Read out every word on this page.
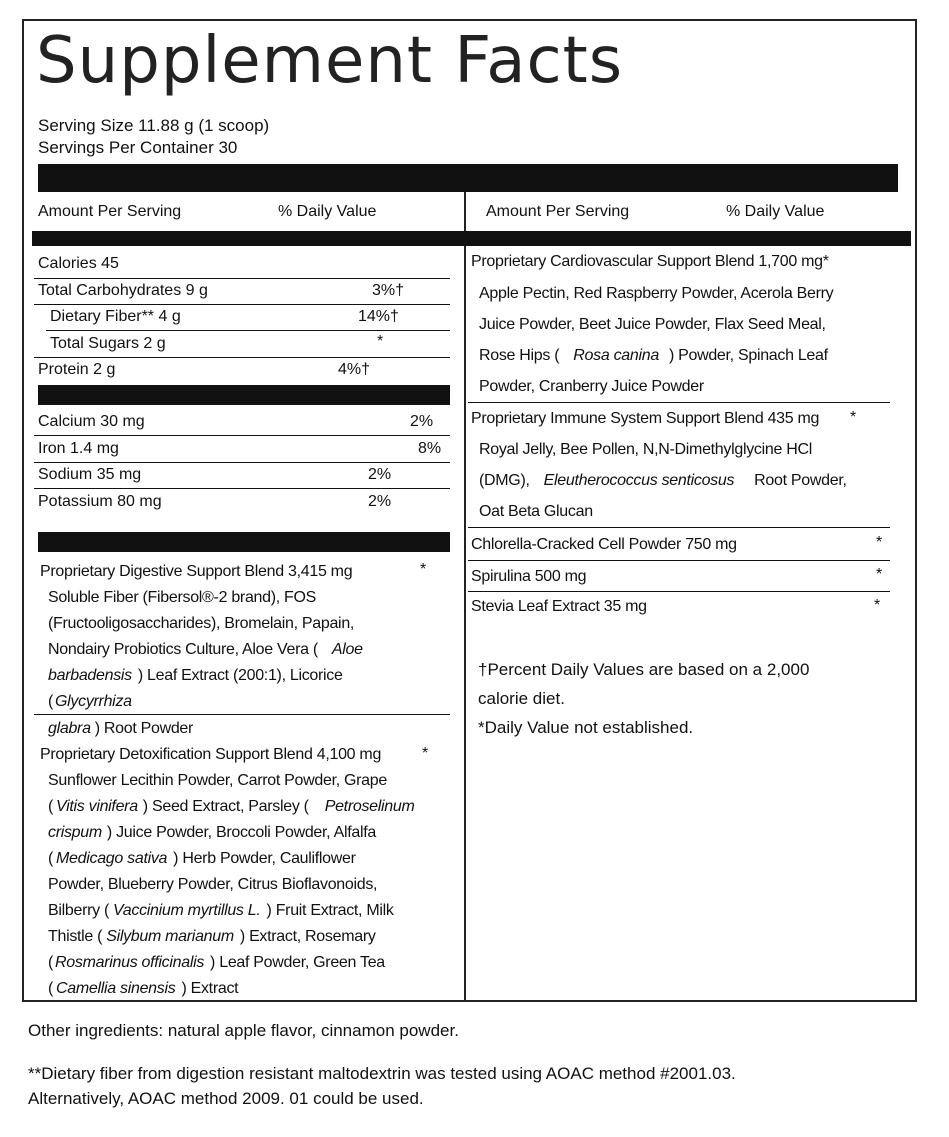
Supplement Facts
Serving Size 11.88 g (1 scoop)
Servings Per Container 30
Amount Per Serving	% Daily Value	Amount Per Serving	% Daily Value
Calories 45
Total Carbohydrates 9 g	3%†
Dietary Fiber** 4 g	14%†
Total Sugars 2 g	*
Protein 2 g	4%†
Calcium 30 mg	2%
Iron 1.4 mg	8%
Sodium 35 mg	2%
Potassium 80 mg	2%
Proprietary Digestive Support Blend 3,415 mg	*
Soluble Fiber (Fibersol®-2 brand), FOS
(Fructooligosaccharides), Bromelain, Papain,
Nondairy Probiotics Culture, Aloe Vera ( Aloe
barbadensis ) Leaf Extract (200:1), Licorice
( Glycyrrhiza
glabra ) Root Powder
Proprietary Detoxification Support Blend 4,100 mg	*
Sunflower Lecithin Powder, Carrot Powder, Grape
( Vitis vinifera ) Seed Extract, Parsley ( Petroselinum
crispum ) Juice Powder, Broccoli Powder, Alfalfa
( Medicago sativa ) Herb Powder, Cauliflower
Powder, Blueberry Powder, Citrus Bioflavonoids,
Bilberry ( Vaccinium myrtillus L. ) Fruit Extract, Milk
Thistle ( Silybum marianum ) Extract, Rosemary
( Rosmarinus officinalis ) Leaf Powder, Green Tea
( Camellia sinensis ) Extract
Proprietary Cardiovascular Support Blend 1,700 mg*
Apple Pectin, Red Raspberry Powder, Acerola Berry
Juice Powder, Beet Juice Powder, Flax Seed Meal,
Rose Hips ( Rosa canina ) Powder, Spinach Leaf
Powder, Cranberry Juice Powder
Proprietary Immune System Support Blend 435 mg *
Royal Jelly, Bee Pollen, N,N-Dimethylglycine HCl
(DMG), Eleutherococcus senticosus Root Powder,
Oat Beta Glucan
Chlorella-Cracked Cell Powder 750 mg	*
Spirulina 500 mg	*
Stevia Leaf Extract 35 mg	*
†Percent Daily Values are based on a 2,000
calorie diet.
*Daily Value not established.
Other ingredients: natural apple flavor, cinnamon powder.
**Dietary fiber from digestion resistant maltodextrin was tested using AOAC method #2001.03.
Alternatively, AOAC method 2009. 01 could be used.
